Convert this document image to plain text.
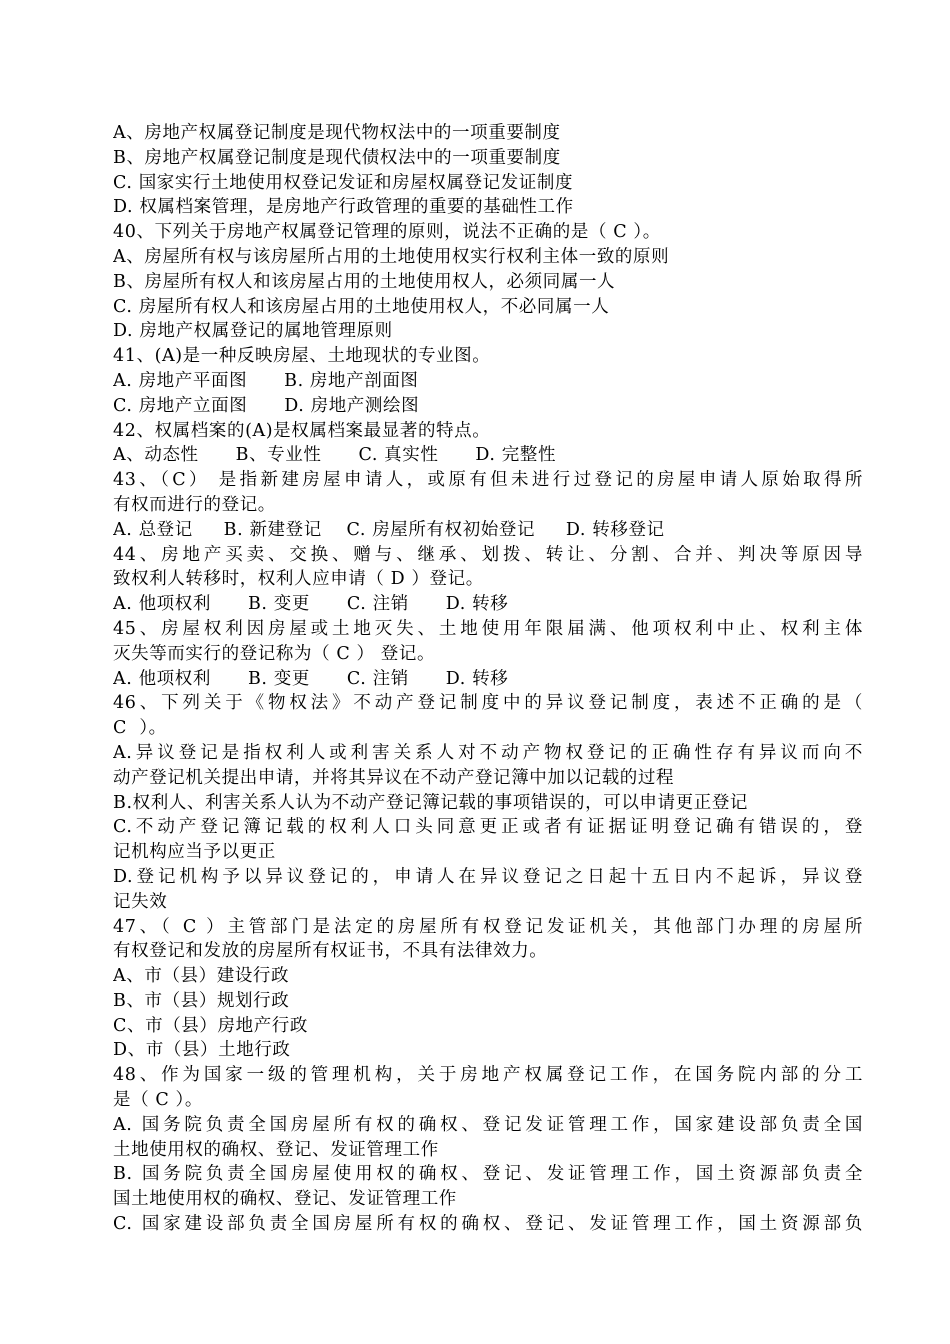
A、房地产权属登记制度是现代物权法中的一项重要制度
B、房地产权属登记制度是现代债权法中的一项重要制度
C. 国家实行土地使用权登记发证和房屋权属登记发证制度
D. 权属档案管理，是房地产行政管理的重要的基础性工作
40、下列关于房地产权属登记管理的原则，说法不正确的是（ C ）。
A、房屋所有权与该房屋所占用的土地使用权实行权利主体一致的原则
B、房屋所有权人和该房屋占用的土地使用权人，必须同属一人
C. 房屋所有权人和该房屋占用的土地使用权人，不必同属一人
D. 房地产权属登记的属地管理原则
41、(A)是一种反映房屋、土地现状的专业图。
A. 房地产平面图      B. 房地产剖面图
C. 房地产立面图      D. 房地产测绘图
42、权属档案的(A)是权属档案最显著的特点。
A、动态性      B、专业性      C. 真实性      D. 完整性
43、（C） 是指新建房屋申请人，或原有但未进行过登记的房屋申请人原始取得所
有权而进行的登记。
A. 总登记     B. 新建登记    C. 房屋所有权初始登记     D. 转移登记
44、房地产买卖、交换、赠与、继承、划拨、转让、分割、合并、判决等原因导
致权利人转移时，权利人应申请（ D ）登记。
A. 他项权利      B. 变更      C. 注销      D. 转移
45、房屋权利因房屋或土地灭失、土地使用年限届满、他项权利中止、权利主体
灭失等而实行的登记称为（ C ） 登记。
A. 他项权利      B. 变更      C. 注销      D. 转移
46、下列关于《物权法》不动产登记制度中的异议登记制度，表述不正确的是（
C  ）。
A.异议登记是指权利人或利害关系人对不动产物权登记的正确性存有异议而向不
动产登记机关提出申请，并将其异议在不动产登记簿中加以记载的过程
B.权利人、利害关系人认为不动产登记簿记载的事项错误的，可以申请更正登记
C.不动产登记簿记载的权利人口头同意更正或者有证据证明登记确有错误的，登
记机构应当予以更正
D.登记机构予以异议登记的，申请人在异议登记之日起十五日内不起诉，异议登
记失效
47、（ C ）主管部门是法定的房屋所有权登记发证机关，其他部门办理的房屋所
有权登记和发放的房屋所有权证书，不具有法律效力。
A、市（县）建设行政
B、市（县）规划行政
C、市（县）房地产行政
D、市（县）土地行政
48、作为国家一级的管理机构，关于房地产权属登记工作，在国务院内部的分工
是（ C ）。
A. 国务院负责全国房屋所有权的确权、登记发证管理工作，国家建设部负责全国
土地使用权的确权、登记、发证管理工作
B. 国务院负责全国房屋使用权的确权、登记、发证管理工作，国土资源部负责全
国土地使用权的确权、登记、发证管理工作
C. 国家建设部负责全国房屋所有权的确权、登记、发证管理工作，国土资源部负
